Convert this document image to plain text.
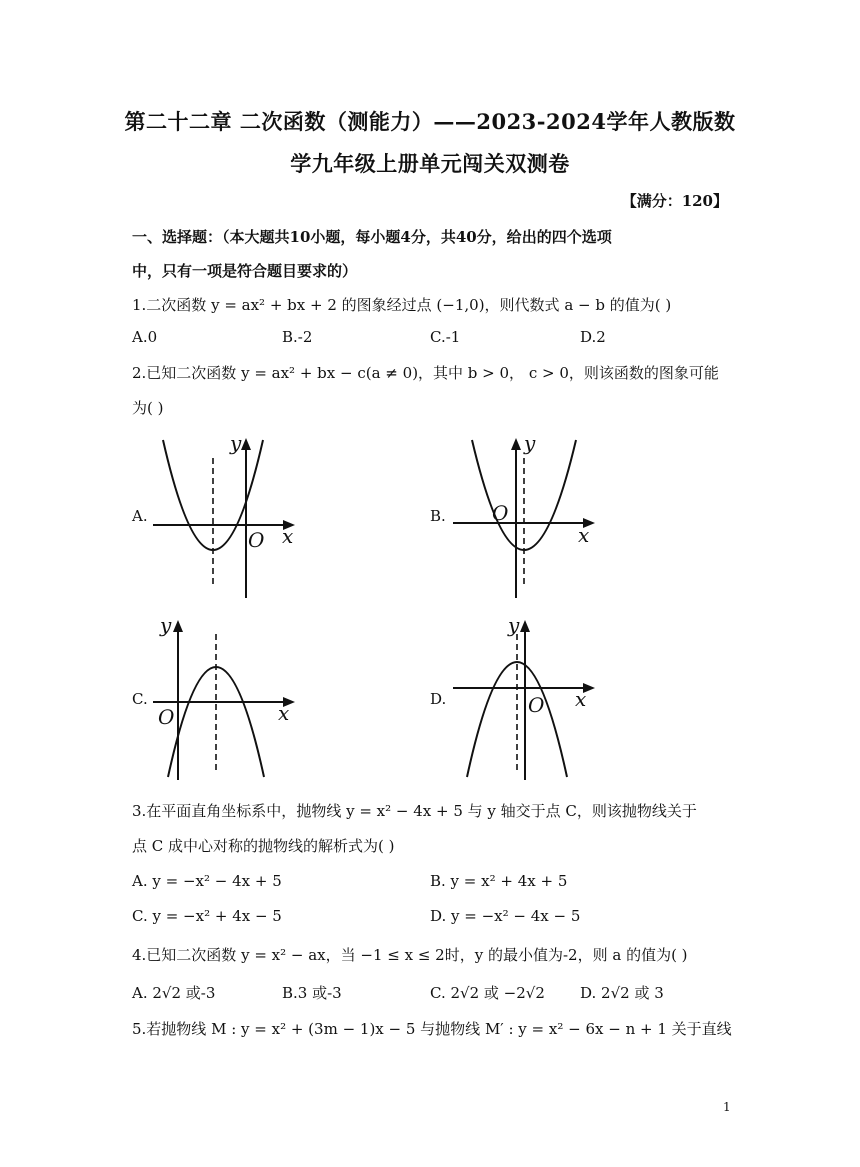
第二十二章 二次函数（测能力）——2023-2024学年人教版数
学九年级上册单元闯关双测卷
【满分：120】
一、选择题：（本大题共10小题，每小题4分，共40分，给出的四个选项
中，只有一项是符合题目要求的）
1.二次函数 y = ax² + bx + 2 的图象经过点 (−1,0)，则代数式 a − b 的值为( )
A.0	B.-2	C.-1	D.2
2.已知二次函数 y = ax² + bx − c(a ≠ 0)，其中 b > 0， c > 0，则该函数的图象可能
为( )
A.	B.
C.	D.
y
x
O
y
x
O
y
x
O
y
x
O
3.在平面直角坐标系中，抛物线 y = x² − 4x + 5 与 y 轴交于点 C，则该抛物线关于
点 C 成中心对称的抛物线的解析式为( )
A. y = −x² − 4x + 5	B. y = x² + 4x + 5
C. y = −x² + 4x − 5	D. y = −x² − 4x − 5
4.已知二次函数 y = x² − ax，当 −1 ≤ x ≤ 2时，y 的最小值为-2，则 a 的值为( )
A. 2√2 或-3	B.3 或-3	C. 2√2 或 −2√2 D. 2√2 或 3
5.若抛物线 M : y = x² + (3m − 1)x − 5 与抛物线 M′ : y = x² − 6x − n + 1 关于直线
1
